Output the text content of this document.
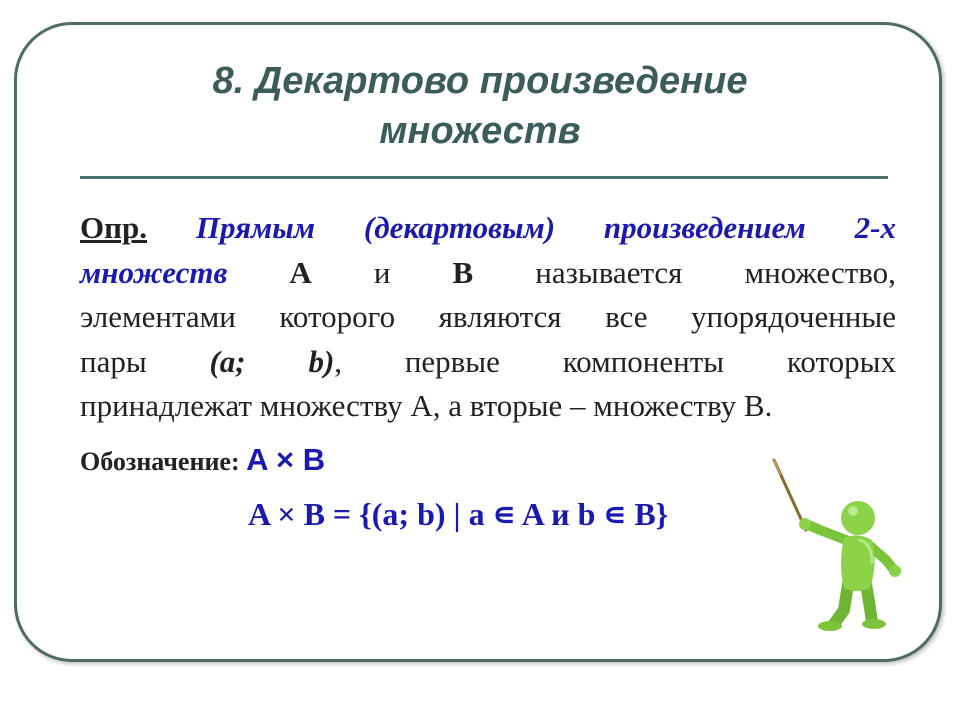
8. Декартово произведение
множеств
Опр. Прямым (декартовым) произведением 2-х
множеств A и B называется множество,
элементами которого являются все упорядоченные
пары (a; b), первые компоненты которых
принадлежат множеству А, а вторые – множеству В.
Обозначение: A × B
A × B = {(a; b) | a ∊ A и b ∊ B}
